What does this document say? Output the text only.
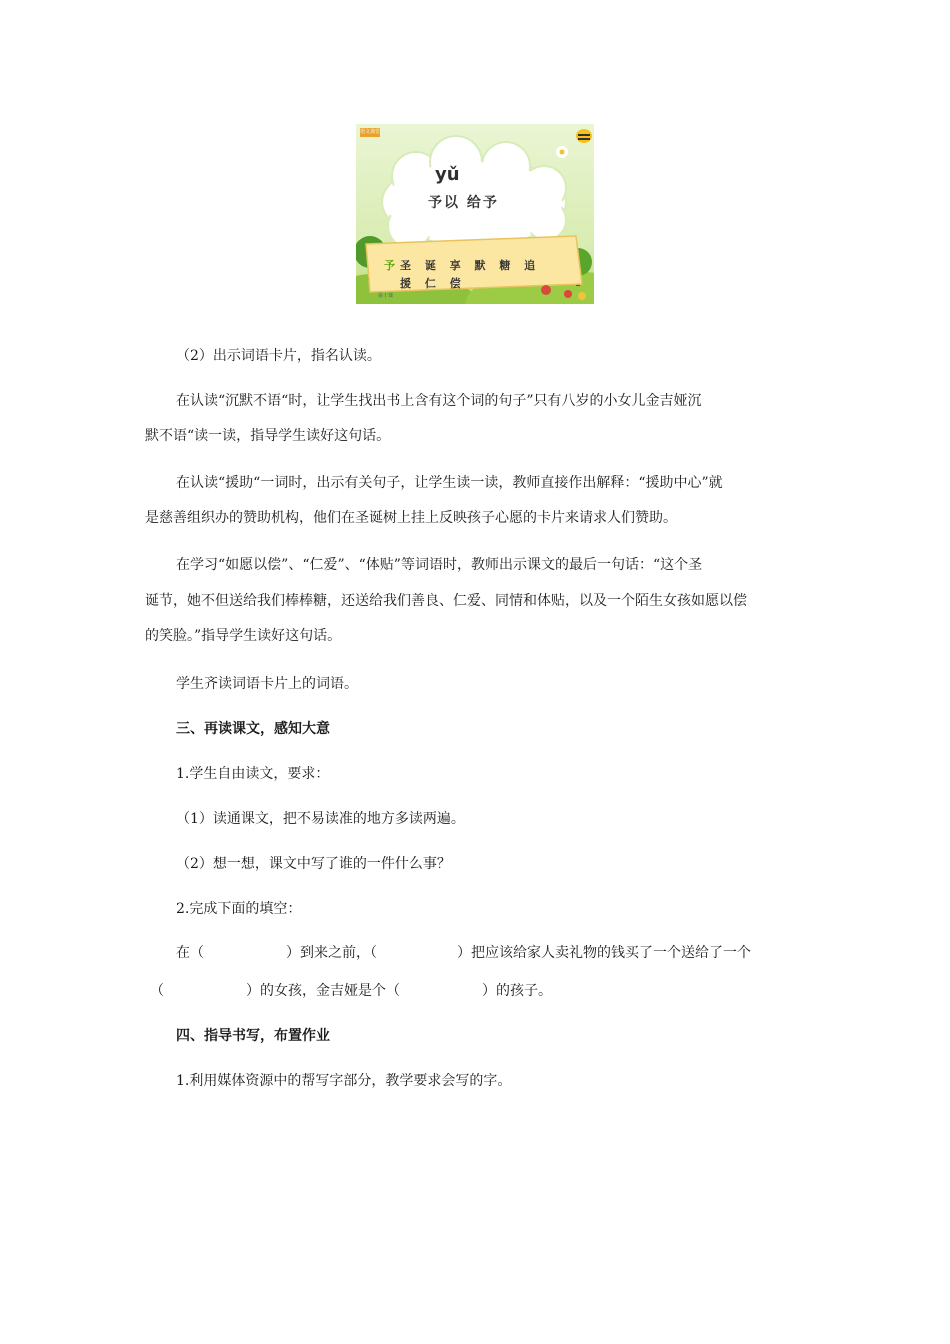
语文课堂
yǔ
予以 给予
予圣 诞 享 默 糖 追
援 仁 偿
第十课
（2）出示词语卡片，指名认读。
在认读“沉默不语“时，让学生找出书上含有这个词的句子”只有八岁的小女儿金吉娅沉
默不语“读一读，指导学生读好这句话。
在认读“援助“一词时，出示有关句子，让学生读一读，教师直接作出解释：“援助中心”就
是慈善组织办的赞助机构，他们在圣诞树上挂上反映孩子心愿的卡片来请求人们赞助。
在学习“如愿以偿”、“仁爱”、“体贴”等词语时，教师出示课文的最后一句话：“这个圣
诞节，她不但送给我们棒棒糖，还送给我们善良、仁爱、同情和体贴，以及一个陌生女孩如愿以偿
的笑脸。”指导学生读好这句话。
学生齐读词语卡片上的词语。
三、再读课文，感知大意
1.学生自由读文，要求：
（1）读通课文，把不易读准的地方多读两遍。
（2）想一想，课文中写了谁的一件什么事？
2.完成下面的填空：
在（	）到来之前，（	）把应该给家人卖礼物的钱买了一个送给了一个
（	）的女孩，金吉娅是个（	）的孩子。
四、指导书写，布置作业
1.利用媒体资源中的帮写字部分，教学要求会写的字。
